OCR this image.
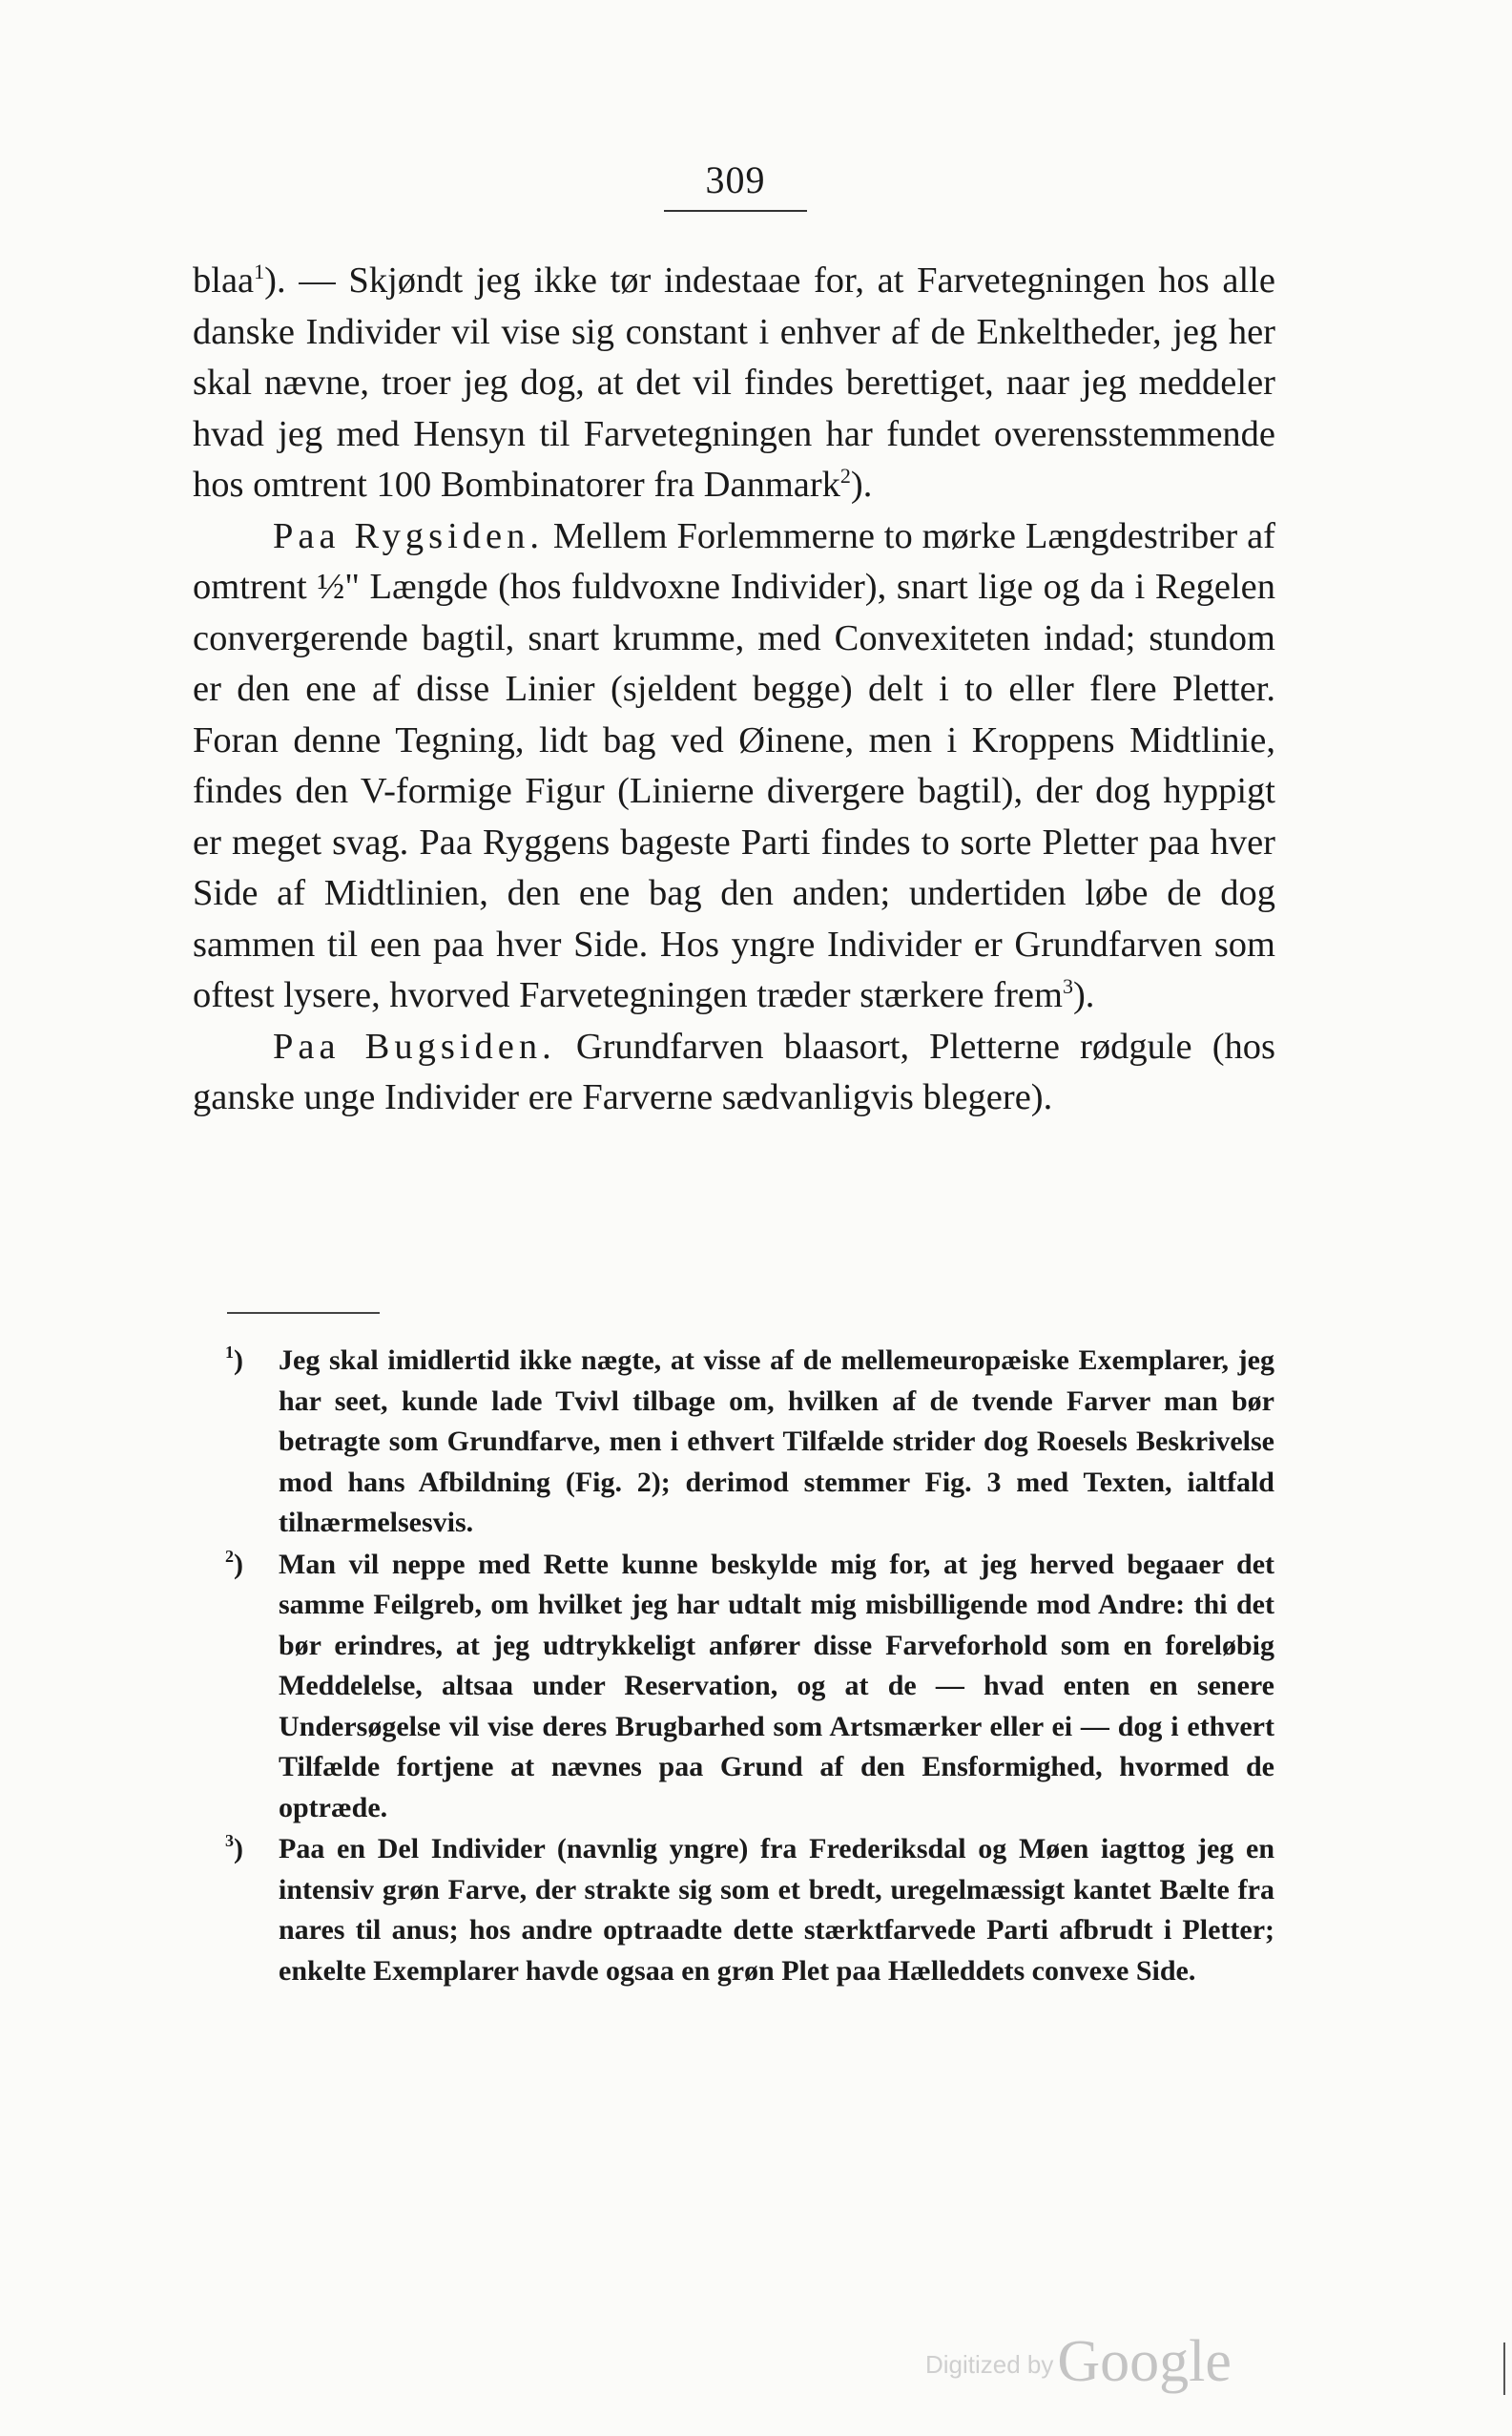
309

blaa$^1$). — Skjøndt jeg ikke tør indestaae for, at Farvetegningen hos alle danske Individer vil vise sig constant i enhver af de Enkeltheder, jeg her skal nævne, troer jeg dog, at det vil findes berettiget, naar jeg meddeler hvad jeg med Hensyn til Farvetegningen har fundet overensstemmende hos omtrent 100 Bombinatorer fra Danmark$^2$).

Paa Rygsiden. Mellem Forlemmerne to mørke Længdestriber af omtrent ½" Længde (hos fuldvoxne Individer), snart lige og da i Regelen convergerende bagtil, snart krumme, med Convexiteten indad; stundom er den ene af disse Linier (sjeldent begge) delt i to eller flere Pletter. Foran denne Tegning, lidt bag ved Øinene, men i Kroppens Midtlinie, findes den V-formige Figur (Linierne divergere bagtil), der dog hyppigt er meget svag. Paa Ryggens bageste Parti findes to sorte Pletter paa hver Side af Midtlinien, den ene bag den anden; undertiden løbe de dog sammen til een paa hver Side. Hos yngre Individer er Grundfarven som oftest lysere, hvorved Farvetegningen træder stærkere frem$^3$).

Paa Bugsiden. Grundfarven blaasort, Pletterne rødgule (hos ganske unge Individer ere Farverne sædvanligvis blegere).

$^1$) Jeg skal imidlertid ikke nægte, at visse af de mellemeuropæiske Exemplarer, jeg har seet, kunde lade Tvivl tilbage om, hvilken af de tvende Farver man bør betragte som Grundfarve, men i ethvert Tilfælde strider dog Roesels Beskrivelse mod hans Afbildning (Fig. 2); derimod stemmer Fig. 3 med Texten, ialtfald tilnærmelsesvis.
$^2$) Man vil neppe med Rette kunne beskylde mig for, at jeg herved begaaer det samme Feilgreb, om hvilket jeg har udtalt mig misbilligende mod Andre: thi det bør erindres, at jeg udtrykkeligt anfører disse Farveforhold som en foreløbig Meddelelse, altsaa under Reservation, og at de — hvad enten en senere Undersøgelse vil vise deres Brugbarhed som Artsmærker eller ei — dog i ethvert Tilfælde fortjene at nævnes paa Grund af den Ensformighed, hvormed de optræde.
$^3$) Paa en Del Individer (navnlig yngre) fra Frederiksdal og Møen iagttog jeg en intensiv grøn Farve, der strakte sig som et bredt, uregelmæssigt kantet Bælte fra nares til anus; hos andre optraadte dette stærktfarvede Parti afbrudt i Pletter; enkelte Exemplarer havde ogsaa en grøn Plet paa Hælleddets convexe Side.
Digitized byGoogle
